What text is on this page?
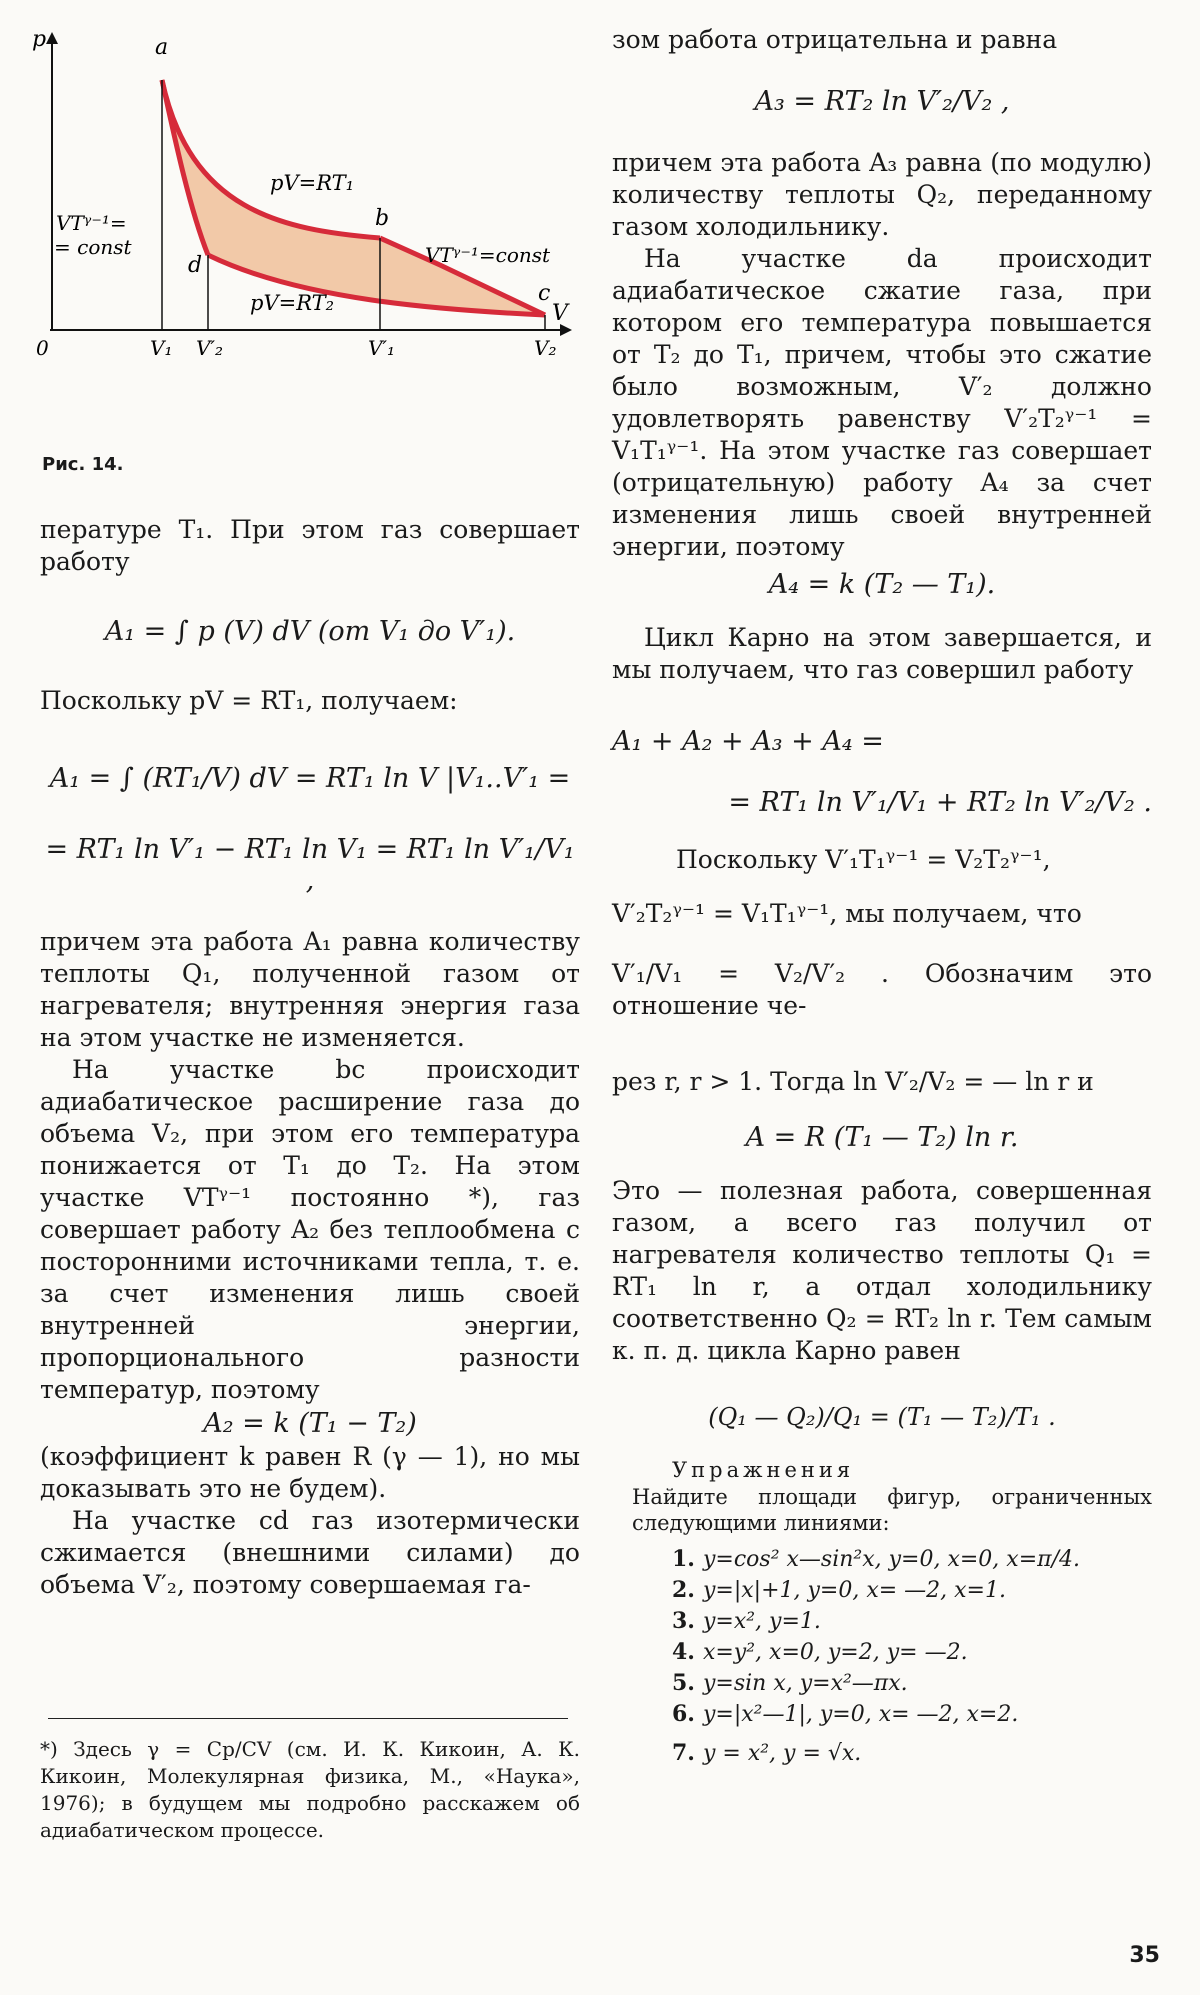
p
V
0
a
b
c
d
pV=RT₁
pV=RT₂
VTᵞ⁻¹=const
VTᵞ⁻¹=
= const
V₁ V′₂	V′₁	V₂
Рис. 14.

пературе T₁. При этом газ совершает работу

A₁ = ∫ p (V) dV (от V₁ до V′₁).

Поскольку pV = RT₁, получаем:

A₁ = ∫ (RT₁/V) dV = RT₁ ln V |V₁..V′₁ =
= RT₁ ln V′₁ − RT₁ ln V₁ = RT₁ ln V′₁/V₁ ,

причем эта работа A₁ равна количеству теплоты Q₁, полученной газом от нагревателя; внутренняя энергия газа на этом участке не изменяется.

На участке bc происходит адиабатическое расширение газа до объема V₂, при этом его температура понижается от T₁ до T₂. На этом участке VTᵞ⁻¹ постоянно *), газ совершает работу A₂ без теплообмена с посторонними источниками тепла, т. е. за счет изменения лишь своей внутренней энергии, пропорционального разности температур, поэтому

A₂ = k (T₁ − T₂)

(коэффициент k равен R (γ — 1), но мы доказывать это не будем).

На участке cd газ изотермически сжимается (внешними силами) до объема V′₂, поэтому совершаемая га-

*) Здесь γ = Cp/CV (см. И. К. Кикоин, А. К. Кикоин, Молекулярная физика, М., «Наука», 1976); в будущем мы подробно расскажем об адиабатическом процессе.

зом работа отрицательна и равна

A₃ = RT₂ ln V′₂/V₂ ,

причем эта работа A₃ равна (по модулю) количеству теплоты Q₂, переданному газом холодильнику.

На участке da происходит адиабатическое сжатие газа, при котором его температура повышается от T₂ до T₁, причем, чтобы это сжатие было возможным, V′₂ должно удовлетворять равенству V′₂T₂ᵞ⁻¹ = V₁T₁ᵞ⁻¹. На этом участке газ совершает (отрицательную) работу A₄ за счет изменения лишь своей внутренней энергии, поэтому

A₄ = k (T₂ — T₁).

Цикл Карно на этом завершается, и мы получаем, что газ совершил работу

A₁ + A₂ + A₃ + A₄ =
= RT₁ ln V′₁/V₁ + RT₂ ln V′₂/V₂ .

Поскольку V′₁T₁ᵞ⁻¹ = V₂T₂ᵞ⁻¹,

V′₂T₂ᵞ⁻¹ = V₁T₁ᵞ⁻¹, мы получаем, что

V′₁/V₁ = V₂/V′₂ . Обозначим это отношение че-

рез r, r > 1. Тогда ln V′₂/V₂ = — ln r и

A = R (T₁ — T₂) ln r.

Это — полезная работа, совершенная газом, а всего газ получил от нагревателя количество теплоты Q₁ = RT₁ ln r, а отдал холодильнику соответственно Q₂ = RT₂ ln r. Тем самым к. п. д. цикла Карно равен

(Q₁ — Q₂)/Q₁ = (T₁ — T₂)/T₁ .
Упражнения

Найдите площади фигур, ограниченных следующими линиями:

1. y=cos² x—sin²x, y=0, x=0, x=π/4.
2. y=|x|+1, y=0, x= —2, x=1.
3. y=x², y=1.
4. x=y², x=0, y=2, y= —2.
5. y=sin x, y=x²—πx.
6. y=|x²—1|, y=0, x= —2, x=2.
7. y = x², y = √x.
35
